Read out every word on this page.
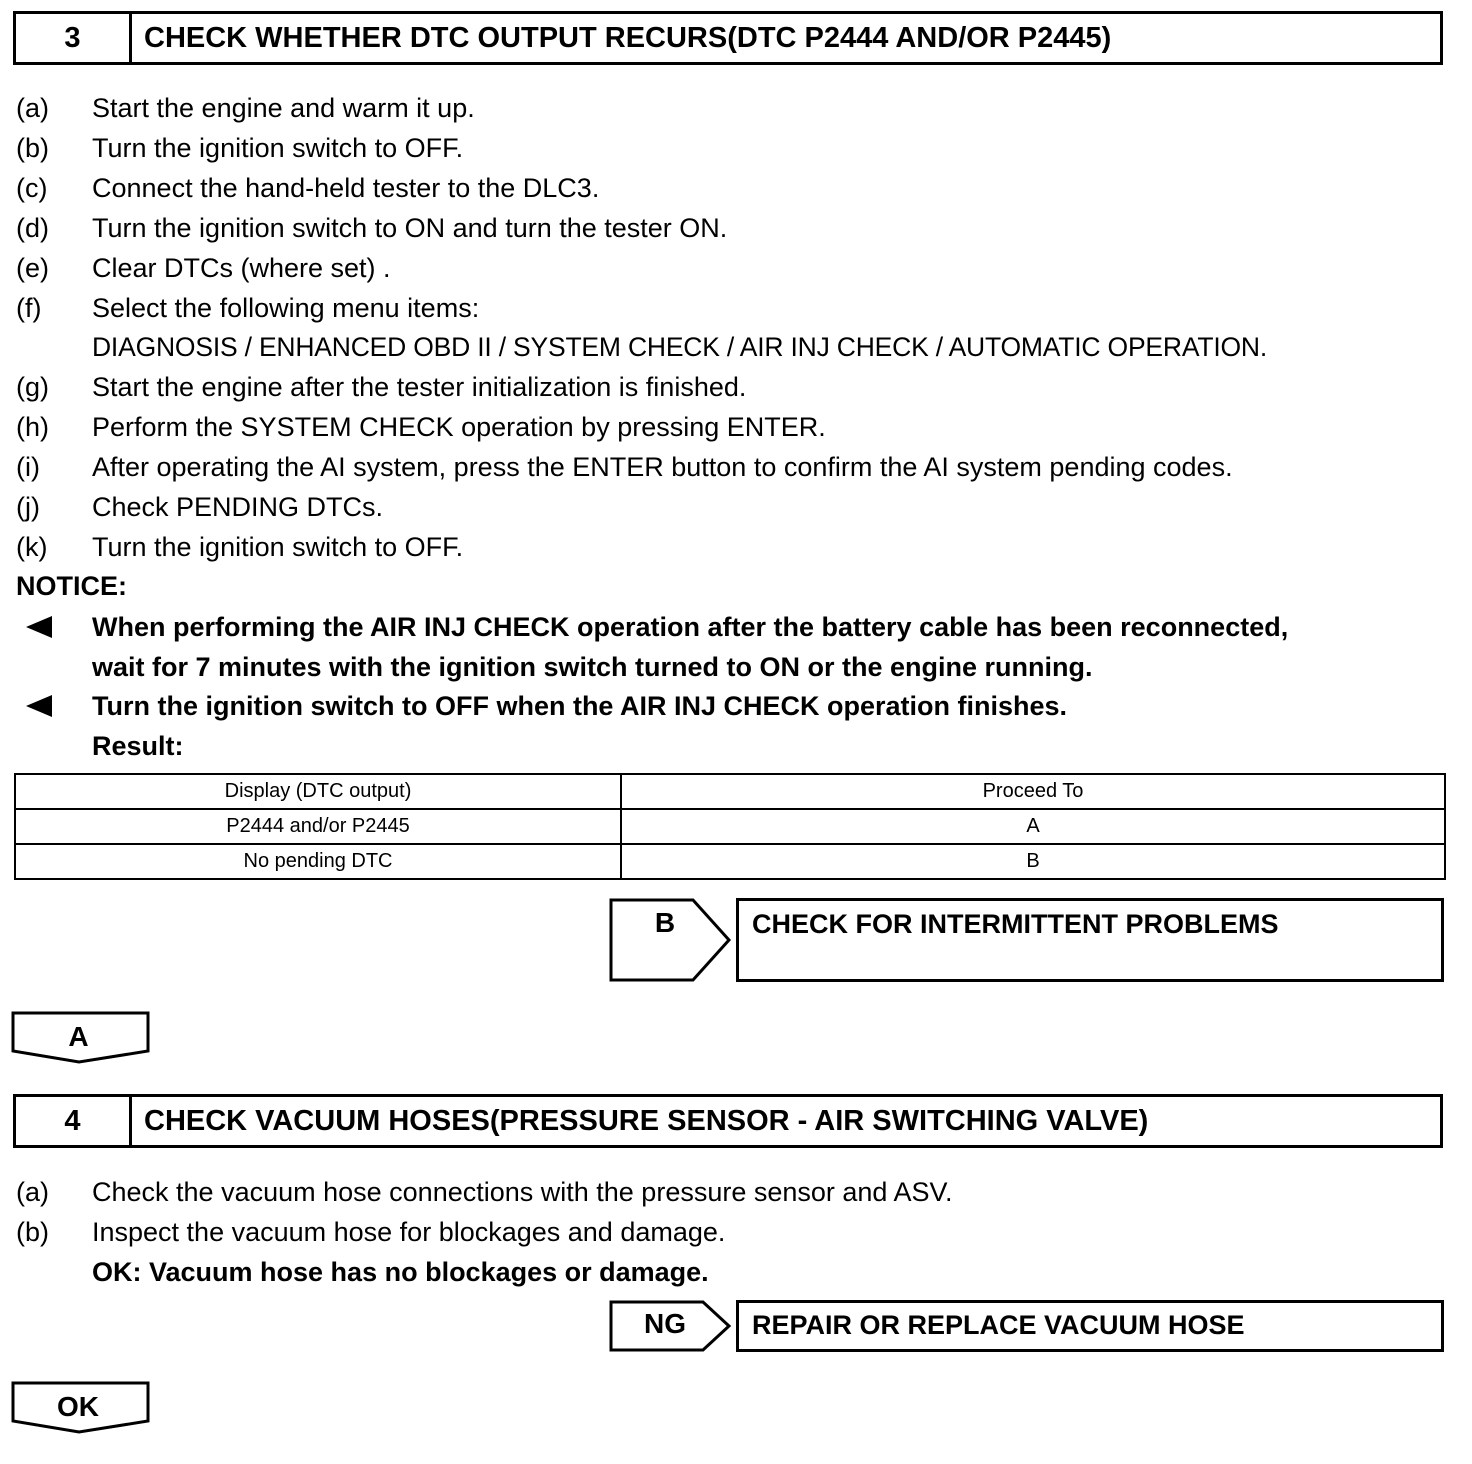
3	CHECK WHETHER DTC OUTPUT RECURS(DTC P2444 AND/OR P2445)
(a) Start the engine and warm it up.
(b) Turn the ignition switch to OFF.
(c) Connect the hand-held tester to the DLC3.
(d) Turn the ignition switch to ON and turn the tester ON.
(e) Clear DTCs (where set) .
(f) Select the following menu items:
DIAGNOSIS / ENHANCED OBD II / SYSTEM CHECK / AIR INJ CHECK / AUTOMATIC OPERATION.
(g) Start the engine after the tester initialization is finished.
(h) Perform the SYSTEM CHECK operation by pressing ENTER.
(i) After operating the AI system, press the ENTER button to confirm the AI system pending codes.
(j) Check PENDING DTCs.
(k) Turn the ignition switch to OFF.
NOTICE:
When performing the AIR INJ CHECK operation after the battery cable has been reconnected,
wait for 7 minutes with the ignition switch turned to ON or the engine running.
Turn the ignition switch to OFF when the AIR INJ CHECK operation finishes.
Result:
Display (DTC output)	Proceed To
P2444 and/or P2445	A
No pending DTC	B
B	CHECK FOR INTERMITTENT PROBLEMS
A
4	CHECK VACUUM HOSES(PRESSURE SENSOR - AIR SWITCHING VALVE)
(a) Check the vacuum hose connections with the pressure sensor and ASV.
(b) Inspect the vacuum hose for blockages and damage.
OK: Vacuum hose has no blockages or damage.
NG	REPAIR OR REPLACE VACUUM HOSE
OK
